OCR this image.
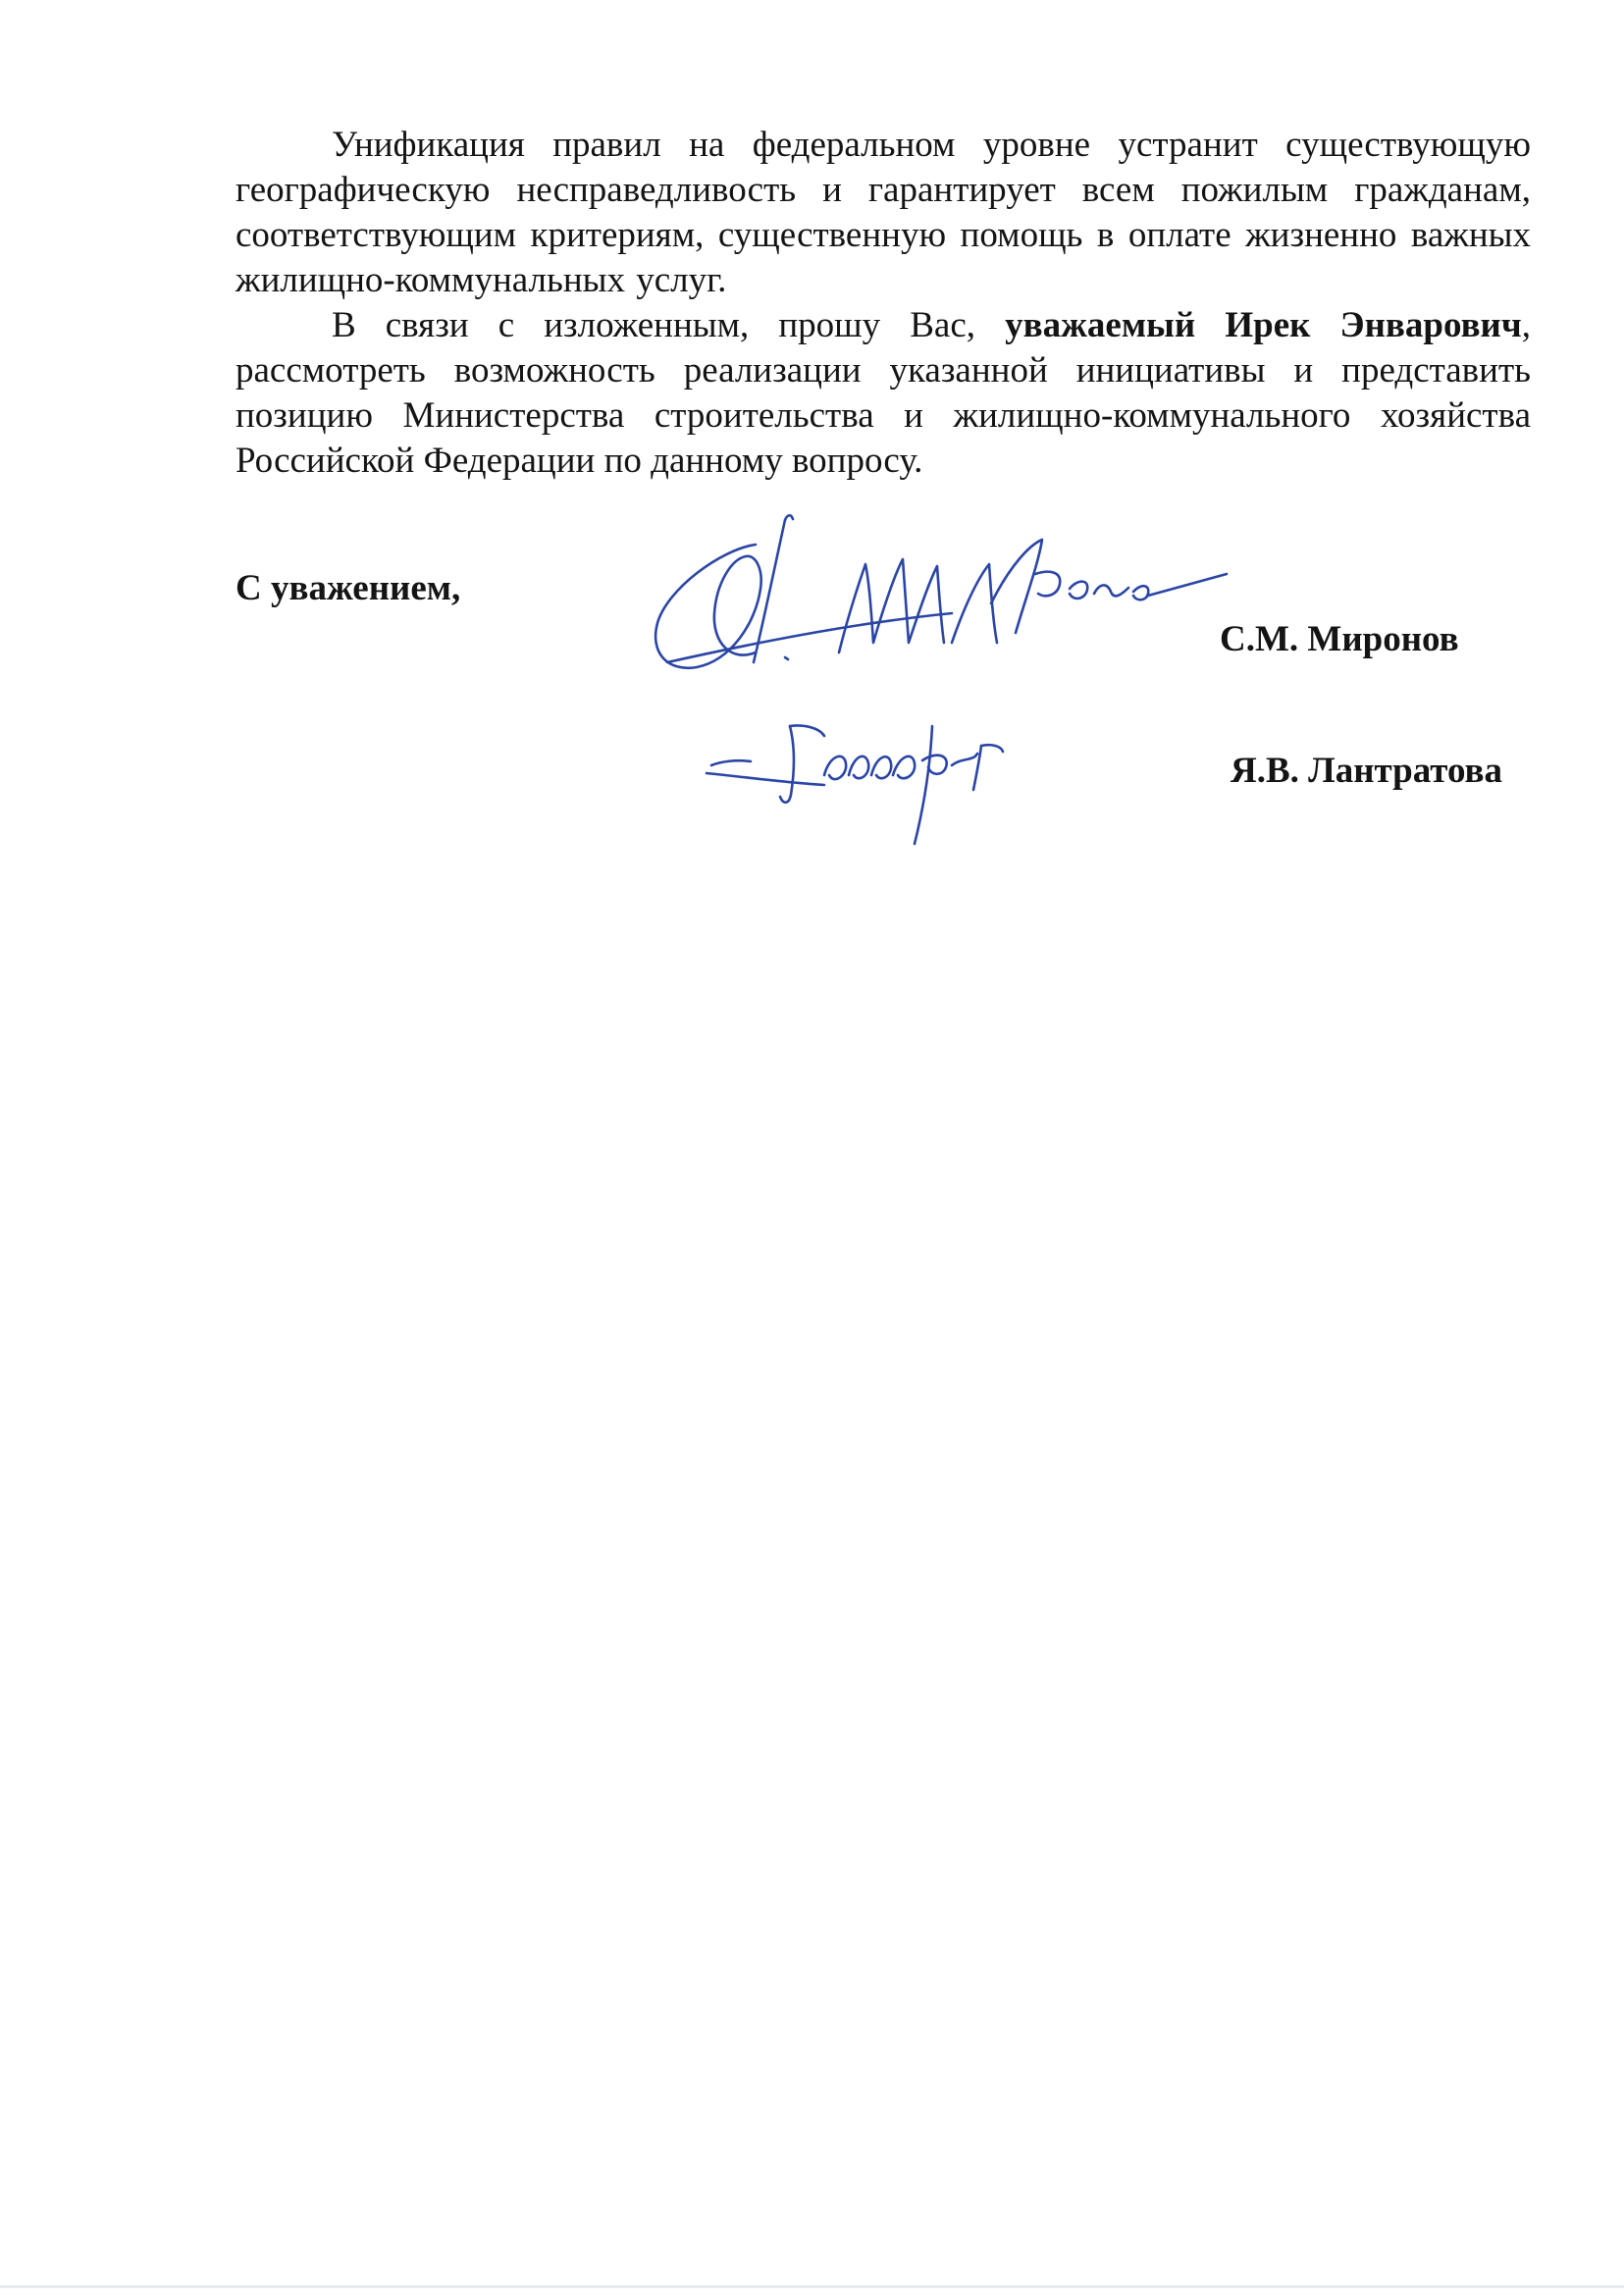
Унификация правил на федеральном уровне устранит существующую географическую несправедливость и гарантирует всем пожилым гражданам, соответствующим критериям, существенную помощь в оплате жизненно важных жилищно-коммунальных услуг.

В связи с изложенным, прошу Вас, уважаемый Ирек Энварович, рассмотреть возможность реализации указанной инициативы и представить позицию Министерства строительства и жилищно-коммунального хозяйства Российской Федерации по данному вопросу.

С уважением,

С.М. Миронов

Я.В. Лантратова
